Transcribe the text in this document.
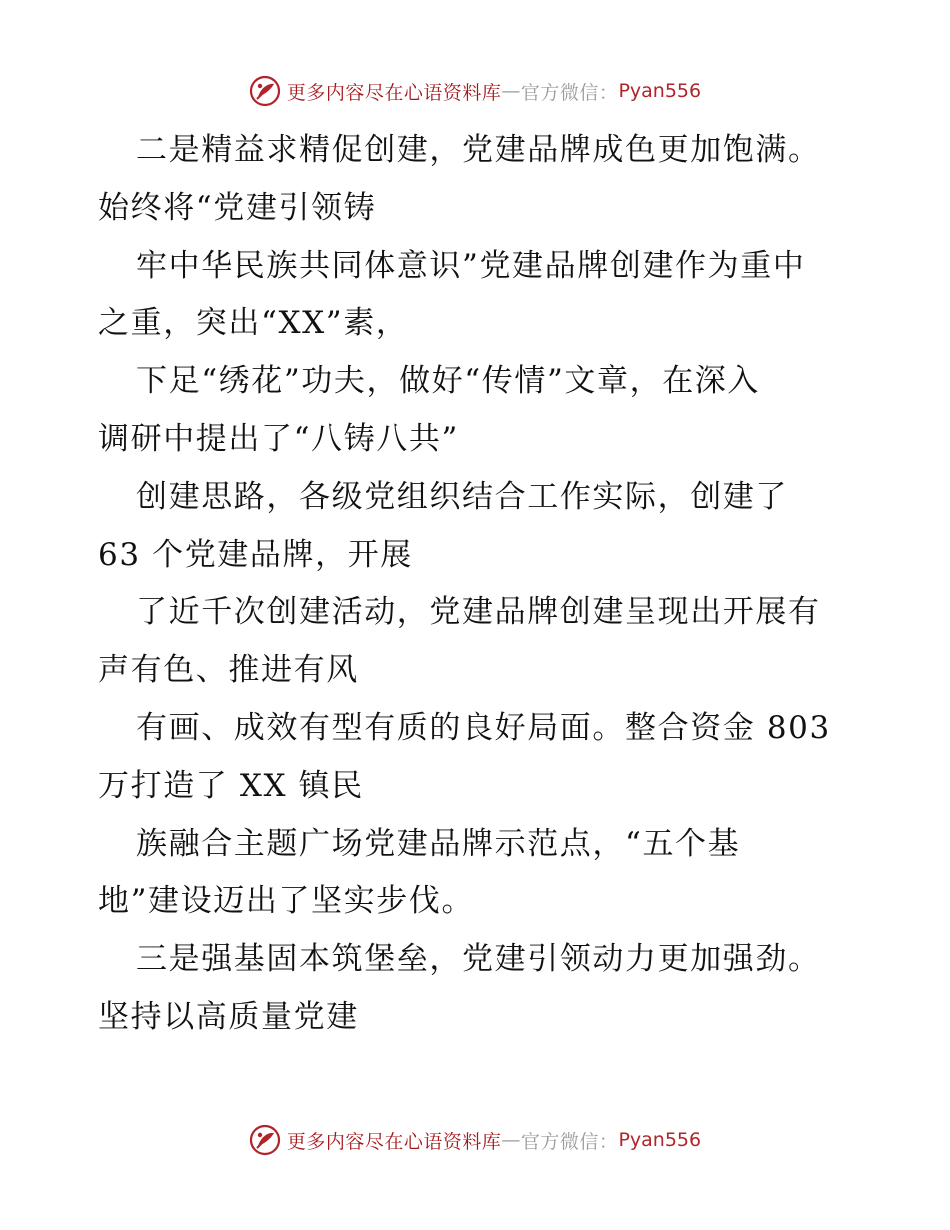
更多内容尽在心语资料库 — 官方微信： Pyan556
二是精益求精促创建，党建品牌成色更加饱满。
始终将“党建引领铸
牢中华民族共同体意识”党建品牌创建作为重中
之重，突出“XX”素，
下足“绣花”功夫，做好“传情”文章，在深入
调研中提出了“八铸八共”
创建思路，各级党组织结合工作实际，创建了
63 个党建品牌，开展
了近千次创建活动，党建品牌创建呈现出开展有
声有色、推进有风
有画、成效有型有质的良好局面。整合资金 803
万打造了 XX 镇民
族融合主题广场党建品牌示范点，“五个基
地”建设迈出了坚实步伐。
三是强基固本筑堡垒，党建引领动力更加强劲。
坚持以高质量党建
更多内容尽在心语资料库 — 官方微信： Pyan556
